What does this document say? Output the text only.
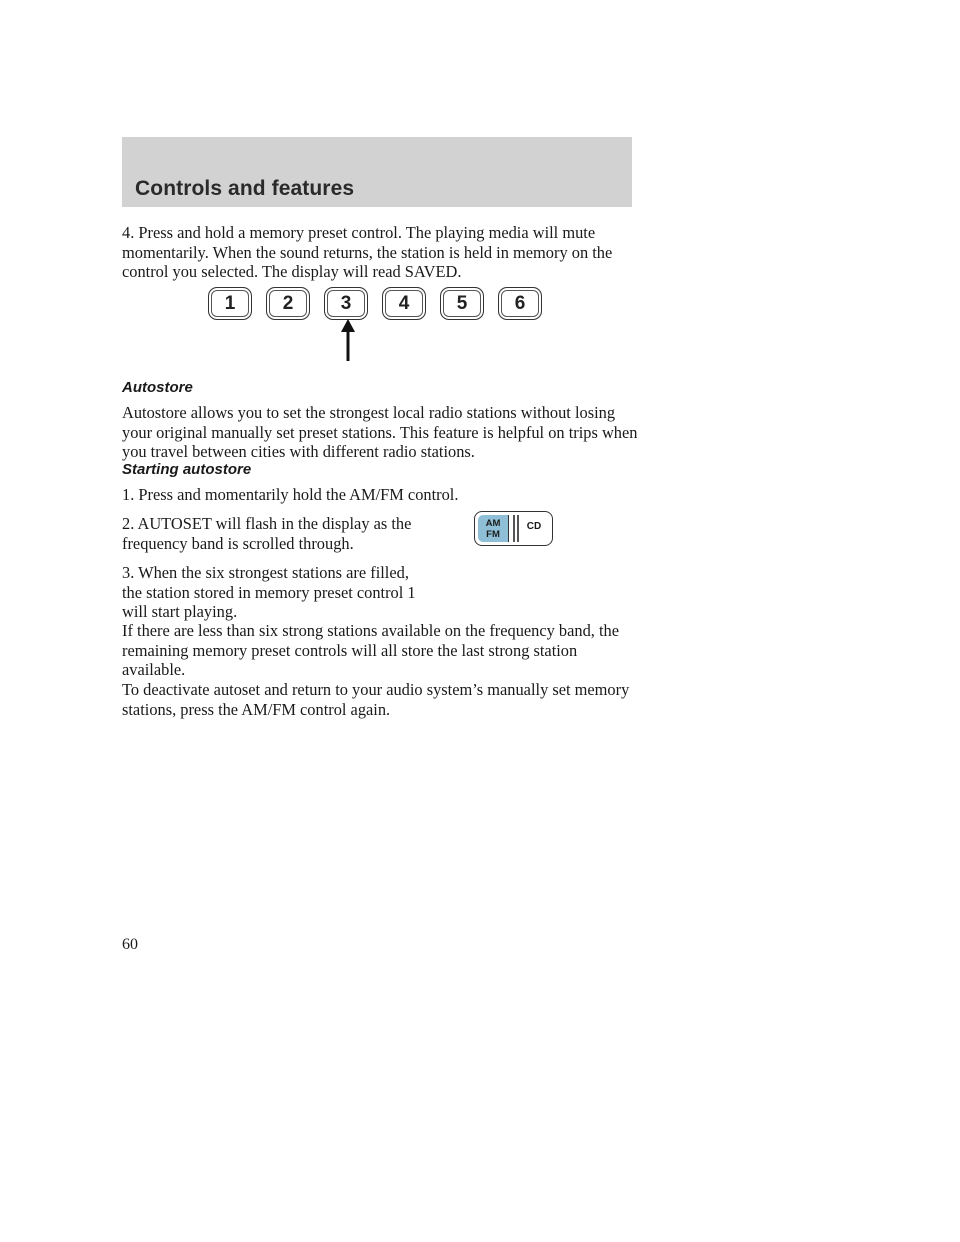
Controls and features

4. Press and hold a memory preset control. The playing media will mute momentarily. When the sound returns, the station is held in memory on the control you selected. The display will read SAVED.

1	2	3	4	5	6
Autostore

Autostore allows you to set the strongest local radio stations without losing your original manually set preset stations. This feature is helpful on trips when you travel between cities with different radio stations.

Starting autostore

1. Press and momentarily hold the AM/FM control.

2. AUTOSET will flash in the display as the frequency band is scrolled through.

3. When the six strongest stations are filled, the station stored in memory preset control 1 will start playing.

AM
FM
CD

If there are less than six strong stations available on the frequency band, the remaining memory preset controls will all store the last strong station available.

To deactivate autoset and return to your audio system’s manually set memory stations, press the AM/FM control again.

60
